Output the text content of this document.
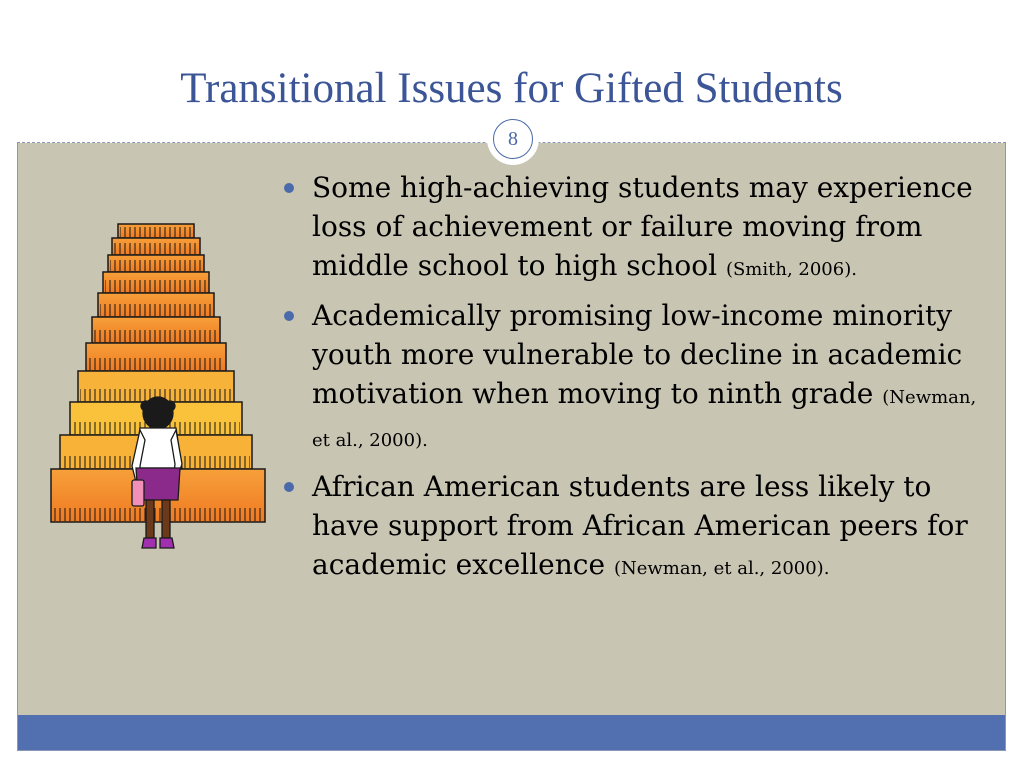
Transitional Issues for Gifted Students
8
Some high-achieving students may experience loss of achievement or failure moving from middle school to high school (Smith, 2006).
Academically promising low-income minority youth more vulnerable to decline in academic motivation when moving to ninth grade (Newman, et al., 2000).
African American students are less likely to have support from African American peers for academic excellence (Newman, et al., 2000).
